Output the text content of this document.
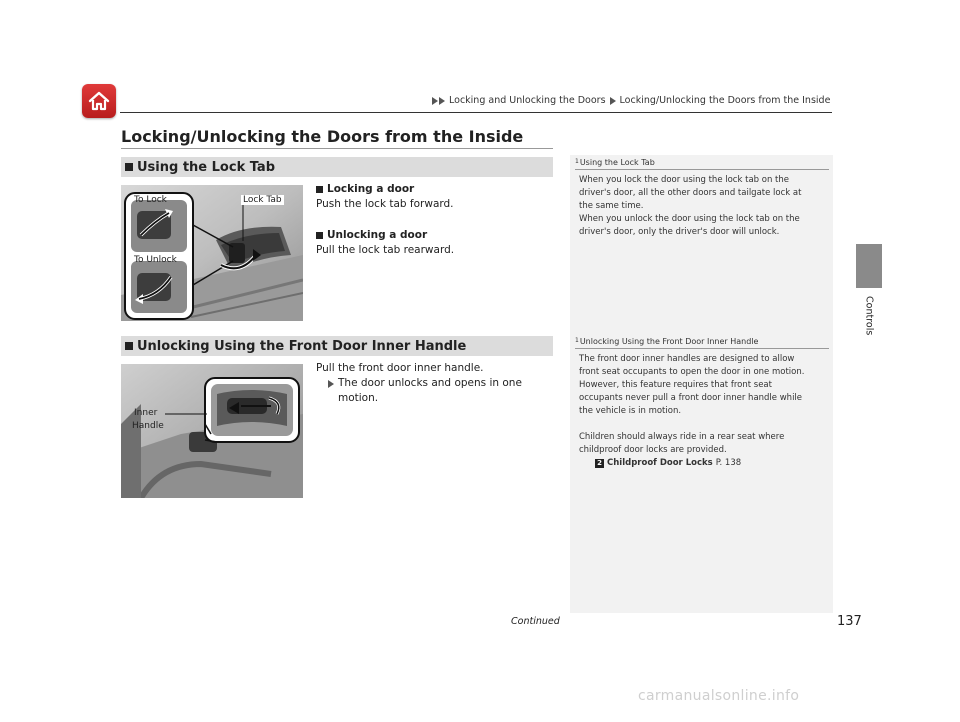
Locking and Unlocking the Doors Locking/Unlocking the Doors from the Inside
Locking/Unlocking the Doors from the Inside
Controls
Using the Lock Tab
To Lock	Lock Tab
To Unlock
Locking a door
Push the lock tab forward.
Unlocking a door
Pull the lock tab rearward.
Unlocking Using the Front Door Inner Handle
Inner
Handle
Pull the front door inner handle.
The door unlocks and opens in one
motion.
1 Using the Lock Tab
When you lock the door using the lock tab on the
driver's door, all the other doors and tailgate lock at
the same time.
When you unlock the door using the lock tab on the
driver's door, only the driver's door will unlock.
1 Unlocking Using the Front Door Inner Handle
The front door inner handles are designed to allow
front seat occupants to open the door in one motion.
However, this feature requires that front seat
occupants never pull a front door inner handle while
the vehicle is in motion.
Children should always ride in a rear seat where
childproof door locks are provided.
2 Childproof Door Locks P. 138
Continued	137
carmanualsonline.info
